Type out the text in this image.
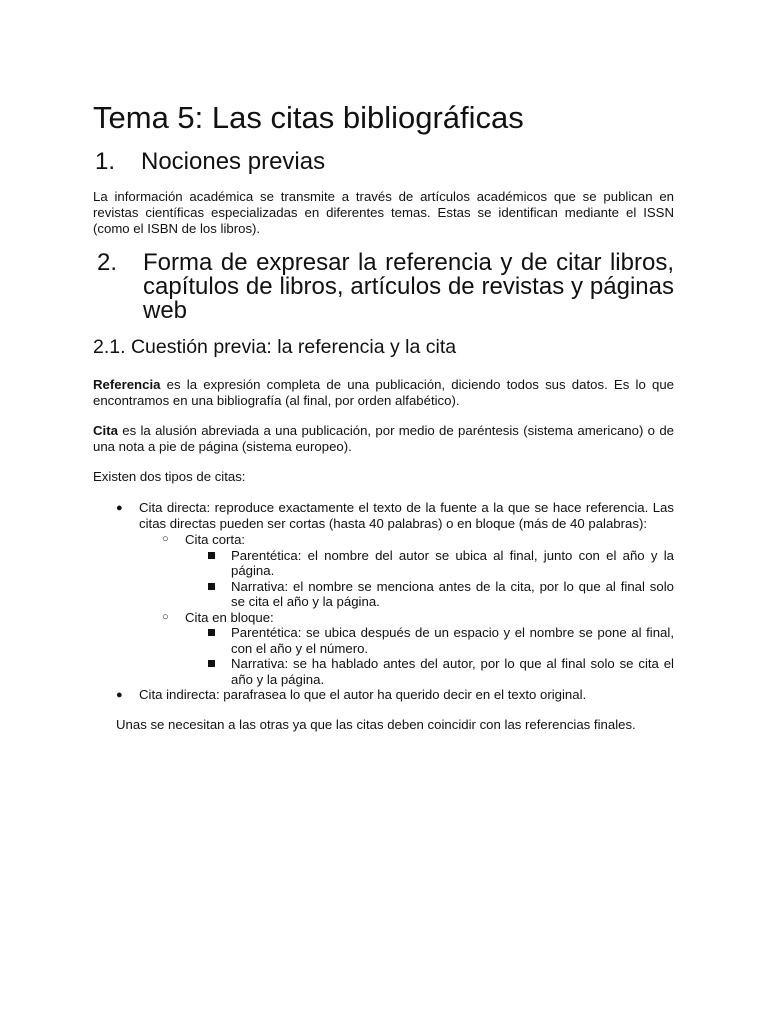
Tema 5: Las citas bibliográficas
1.	Nociones previas

La información académica se transmite a través de artículos académicos que se publican en revistas científicas especializadas en diferentes temas. Estas se identifican mediante el ISSN (como el ISBN de los libros).

2.	Forma de expresar la referencia y de citar libros, capítulos de libros, artículos de revistas y páginas web
2.1. Cuestión previa: la referencia y la cita

Referencia es la expresión completa de una publicación, diciendo todos sus datos. Es lo que encontramos en una bibliografía (al final, por orden alfabético).

Cita es la alusión abreviada a una publicación, por medio de paréntesis (sistema americano) o de una nota a pie de página (sistema europeo).

Existen dos tipos de citas:

●	Cita directa: reproduce exactamente el texto de la fuente a la que se hace referencia. Las citas directas pueden ser cortas (hasta 40 palabras) o en bloque (más de 40 palabras):
○	Cita corta:
Parentética: el nombre del autor se ubica al final, junto con el año y la página.
Narrativa: el nombre se menciona antes de la cita, por lo que al final solo se cita el año y la página.
○	Cita en bloque:
Parentética: se ubica después de un espacio y el nombre se pone al final, con el año y el número.
Narrativa: se ha hablado antes del autor, por lo que al final solo se cita el año y la página.
●	Cita indirecta: parafrasea lo que el autor ha querido decir en el texto original.

Unas se necesitan a las otras ya que las citas deben coincidir con las referencias finales.
